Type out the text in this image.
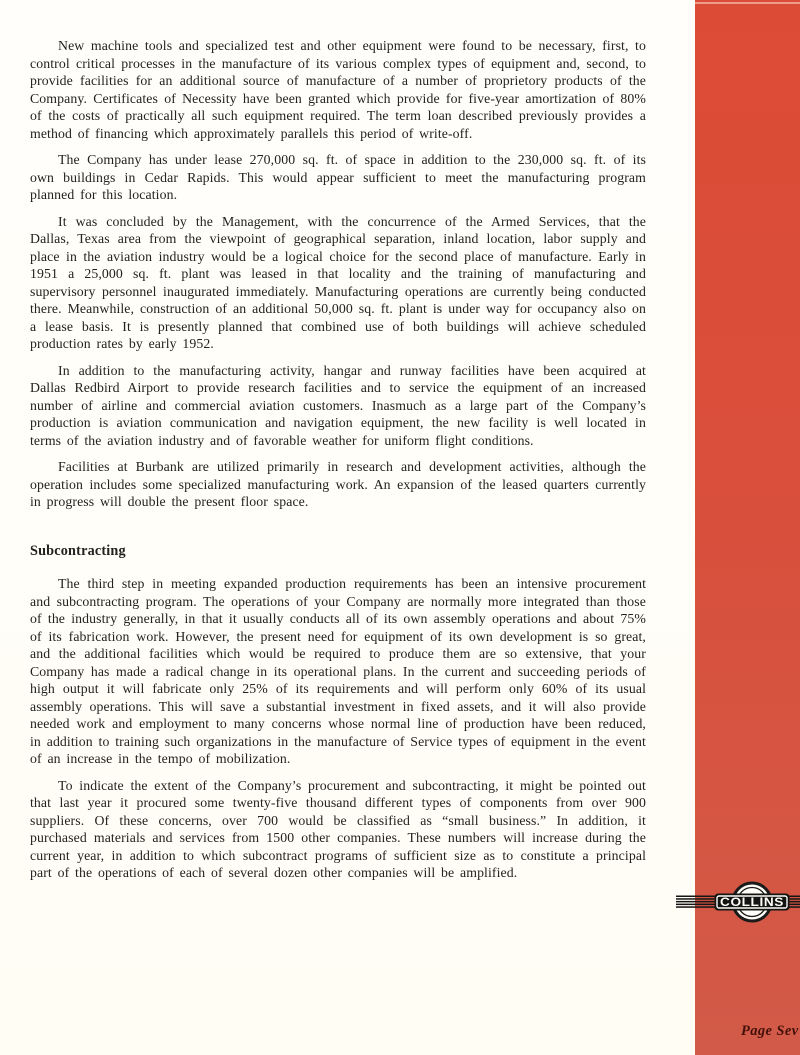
New machine tools and specialized test and other equipment were found to be necessary, first, to control critical processes in the manufacture of its various complex types of equipment and, second, to provide facilities for an additional source of manufacture of a number of proprietory products of the Company. Certificates of Necessity have been granted which provide for five-year amortization of 80% of the costs of practically all such equipment required. The term loan described previously provides a method of financing which approximately parallels this period of write-off.

The Company has under lease 270,000 sq. ft. of space in addition to the 230,000 sq. ft. of its own buildings in Cedar Rapids. This would appear sufficient to meet the manufacturing program planned for this location.

It was concluded by the Management, with the concurrence of the Armed Services, that the Dallas, Texas area from the viewpoint of geographical separation, inland location, labor supply and place in the aviation industry would be a logical choice for the second place of manufacture. Early in 1951 a 25,000 sq. ft. plant was leased in that locality and the training of manufacturing and supervisory personnel inaugurated immediately. Manufacturing operations are currently being conducted there. Meanwhile, construction of an additional 50,000 sq. ft. plant is under way for occupancy also on a lease basis. It is presently planned that combined use of both buildings will achieve scheduled production rates by early 1952.

In addition to the manufacturing activity, hangar and runway facilities have been acquired at Dallas Redbird Airport to provide research facilities and to service the equipment of an increased number of airline and commercial aviation customers. Inasmuch as a large part of the Company’s production is aviation communication and navigation equipment, the new facility is well located in terms of the aviation industry and of favorable weather for uniform flight conditions.

Facilities at Burbank are utilized primarily in research and development activities, although the operation includes some specialized manufacturing work. An expansion of the leased quarters currently in progress will double the present floor space.

Subcontracting

The third step in meeting expanded production requirements has been an intensive procurement and subcontracting program. The operations of your Company are normally more integrated than those of the industry generally, in that it usually conducts all of its own assembly operations and about 75% of its fabrication work. However, the present need for equipment of its own development is so great, and the additional facilities which would be required to produce them are so extensive, that your Company has made a radical change in its operational plans. In the current and succeeding periods of high output it will fabricate only 25% of its requirements and will perform only 60% of its usual assembly operations. This will save a substantial investment in fixed assets, and it will also provide needed work and employment to many concerns whose normal line of production have been reduced, in addition to training such organizations in the manufacture of Service types of equipment in the event of an increase in the tempo of mobilization.

To indicate the extent of the Company’s procurement and subcontracting, it might be pointed out that last year it procured some twenty-five thousand different types of components from over 900 suppliers. Of these concerns, over 700 would be classified as “small business.” In addition, it purchased materials and services from 1500 other companies. These numbers will increase during the current year, in addition to which subcontract programs of sufficient size as to constitute a principal part of the operations of each of several dozen other companies will be amplified.

COLLINS
Page Sev
